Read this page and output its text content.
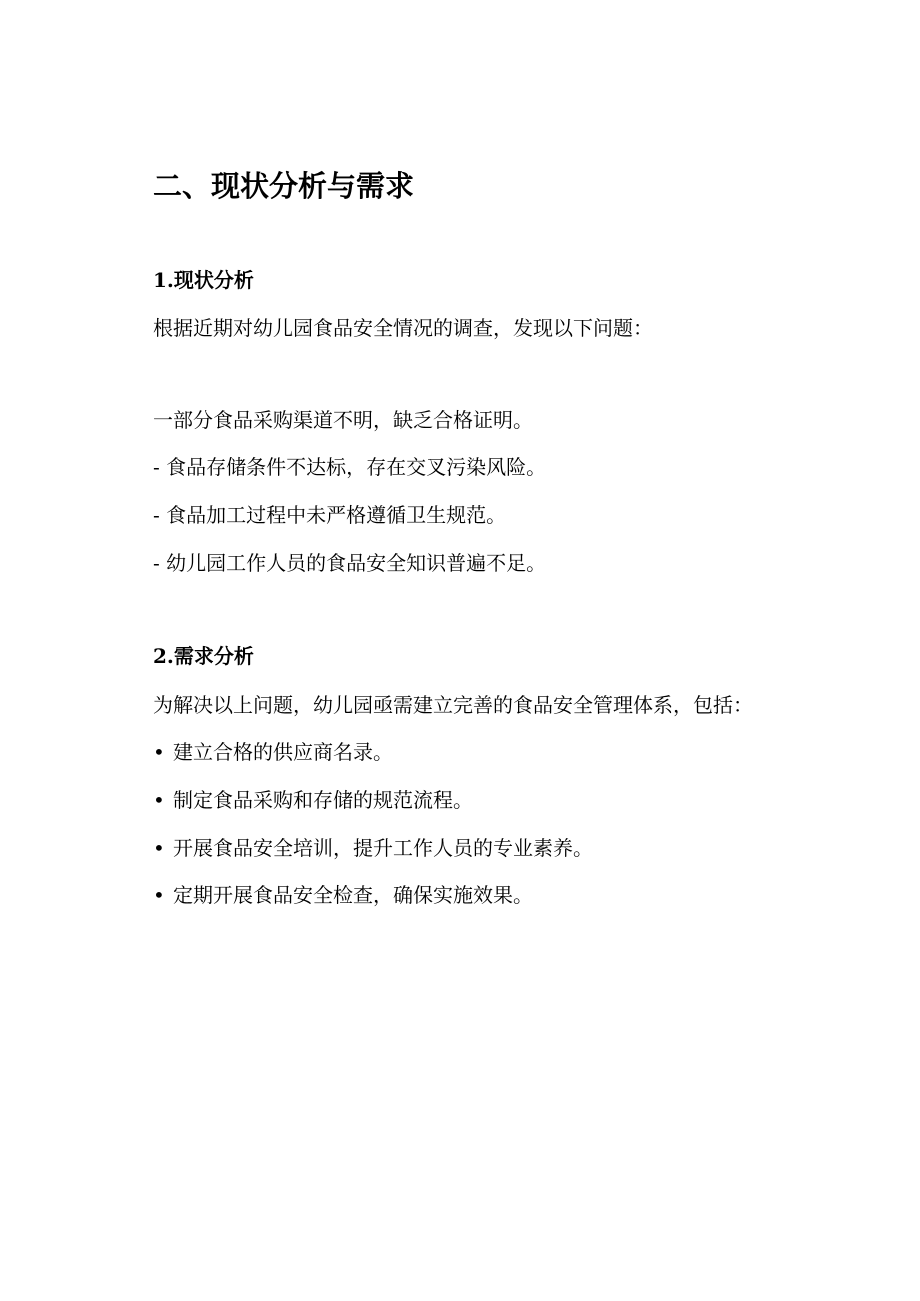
二、现状分析与需求
1.现状分析

根据近期对幼儿园食品安全情况的调查，发现以下问题：

一部分食品采购渠道不明，缺乏合格证明。

- 食品存储条件不达标，存在交叉污染风险。

- 食品加工过程中未严格遵循卫生规范。

- 幼儿园工作人员的食品安全知识普遍不足。

2.需求分析

为解决以上问题，幼儿园亟需建立完善的食品安全管理体系，包括：

• 建立合格的供应商名录。

• 制定食品采购和存储的规范流程。

• 开展食品安全培训，提升工作人员的专业素养。

• 定期开展食品安全检查，确保实施效果。
